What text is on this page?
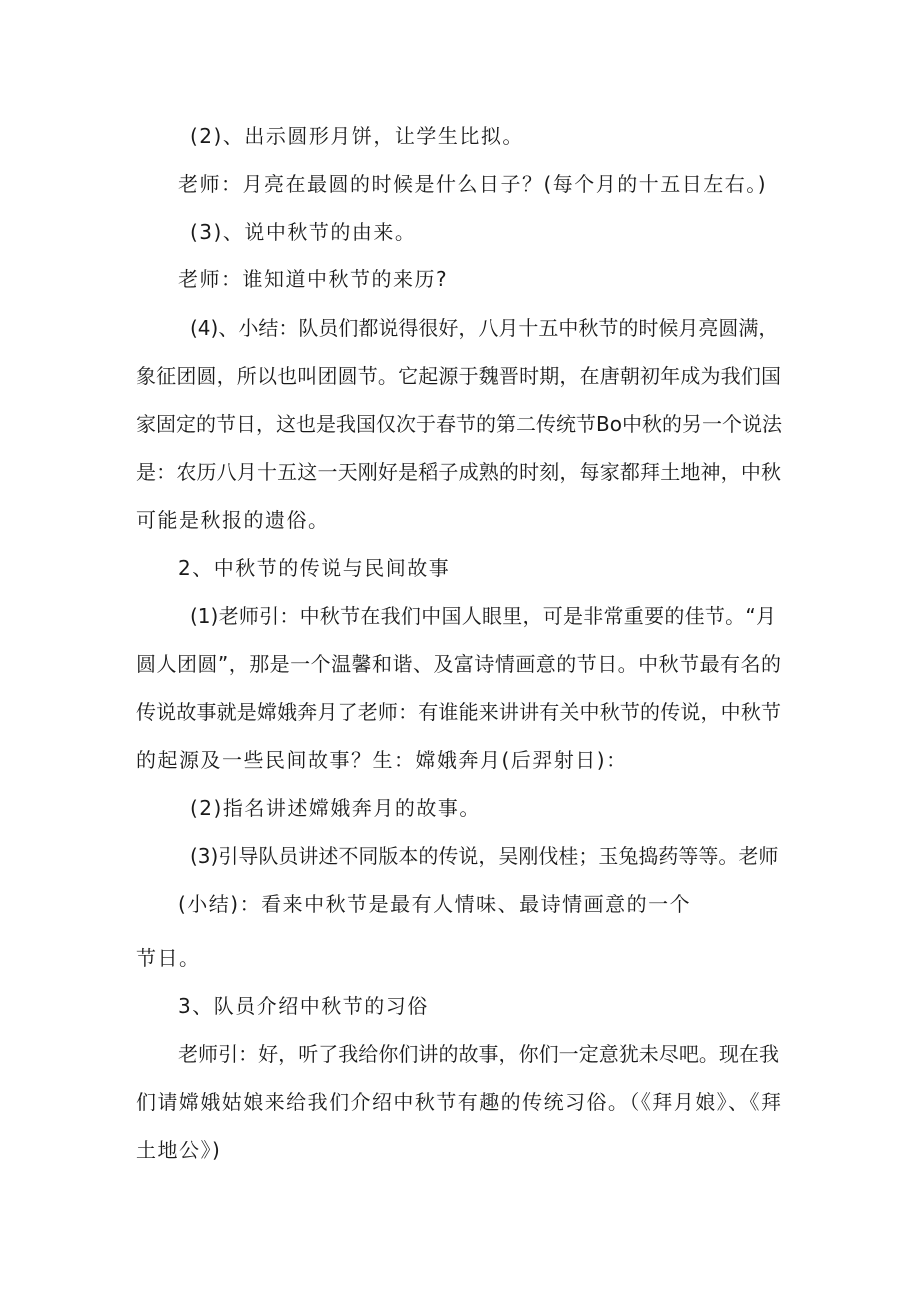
(2)、出示圆形月饼，让学生比拟。
老师：月亮在最圆的时候是什么日子？(每个月的十五日左右。)
(3)、说中秋节的由来。
老师：谁知道中秋节的来历?
(4)、小结：队员们都说得很好，八月十五中秋节的时候月亮圆满，
象征团圆，所以也叫团圆节。它起源于魏晋时期，在唐朝初年成为我们国
家固定的节日，这也是我国仅次于春节的第二传统节Bo中秋的另一个说法
是：农历八月十五这一天刚好是稻子成熟的时刻，每家都拜土地神，中秋
可能是秋报的遗俗。
2、中秋节的传说与民间故事
(1)老师引：中秋节在我们中国人眼里，可是非常重要的佳节。“月
圆人团圆”，那是一个温馨和谐、及富诗情画意的节日。中秋节最有名的
传说故事就是嫦娥奔月了老师：有谁能来讲讲有关中秋节的传说，中秋节
的起源及一些民间故事？生：嫦娥奔月(后羿射日)：
(2)指名讲述嫦娥奔月的故事。
(3)引导队员讲述不同版本的传说，吴刚伐桂；玉兔捣药等等。老师
(小结)：看来中秋节是最有人情味、最诗情画意的一个
节日。
3、队员介绍中秋节的习俗
老师引：好，听了我给你们讲的故事，你们一定意犹未尽吧。现在我
们请嫦娥姑娘来给我们介绍中秋节有趣的传统习俗。（《拜月娘》、《拜
土地公》)
